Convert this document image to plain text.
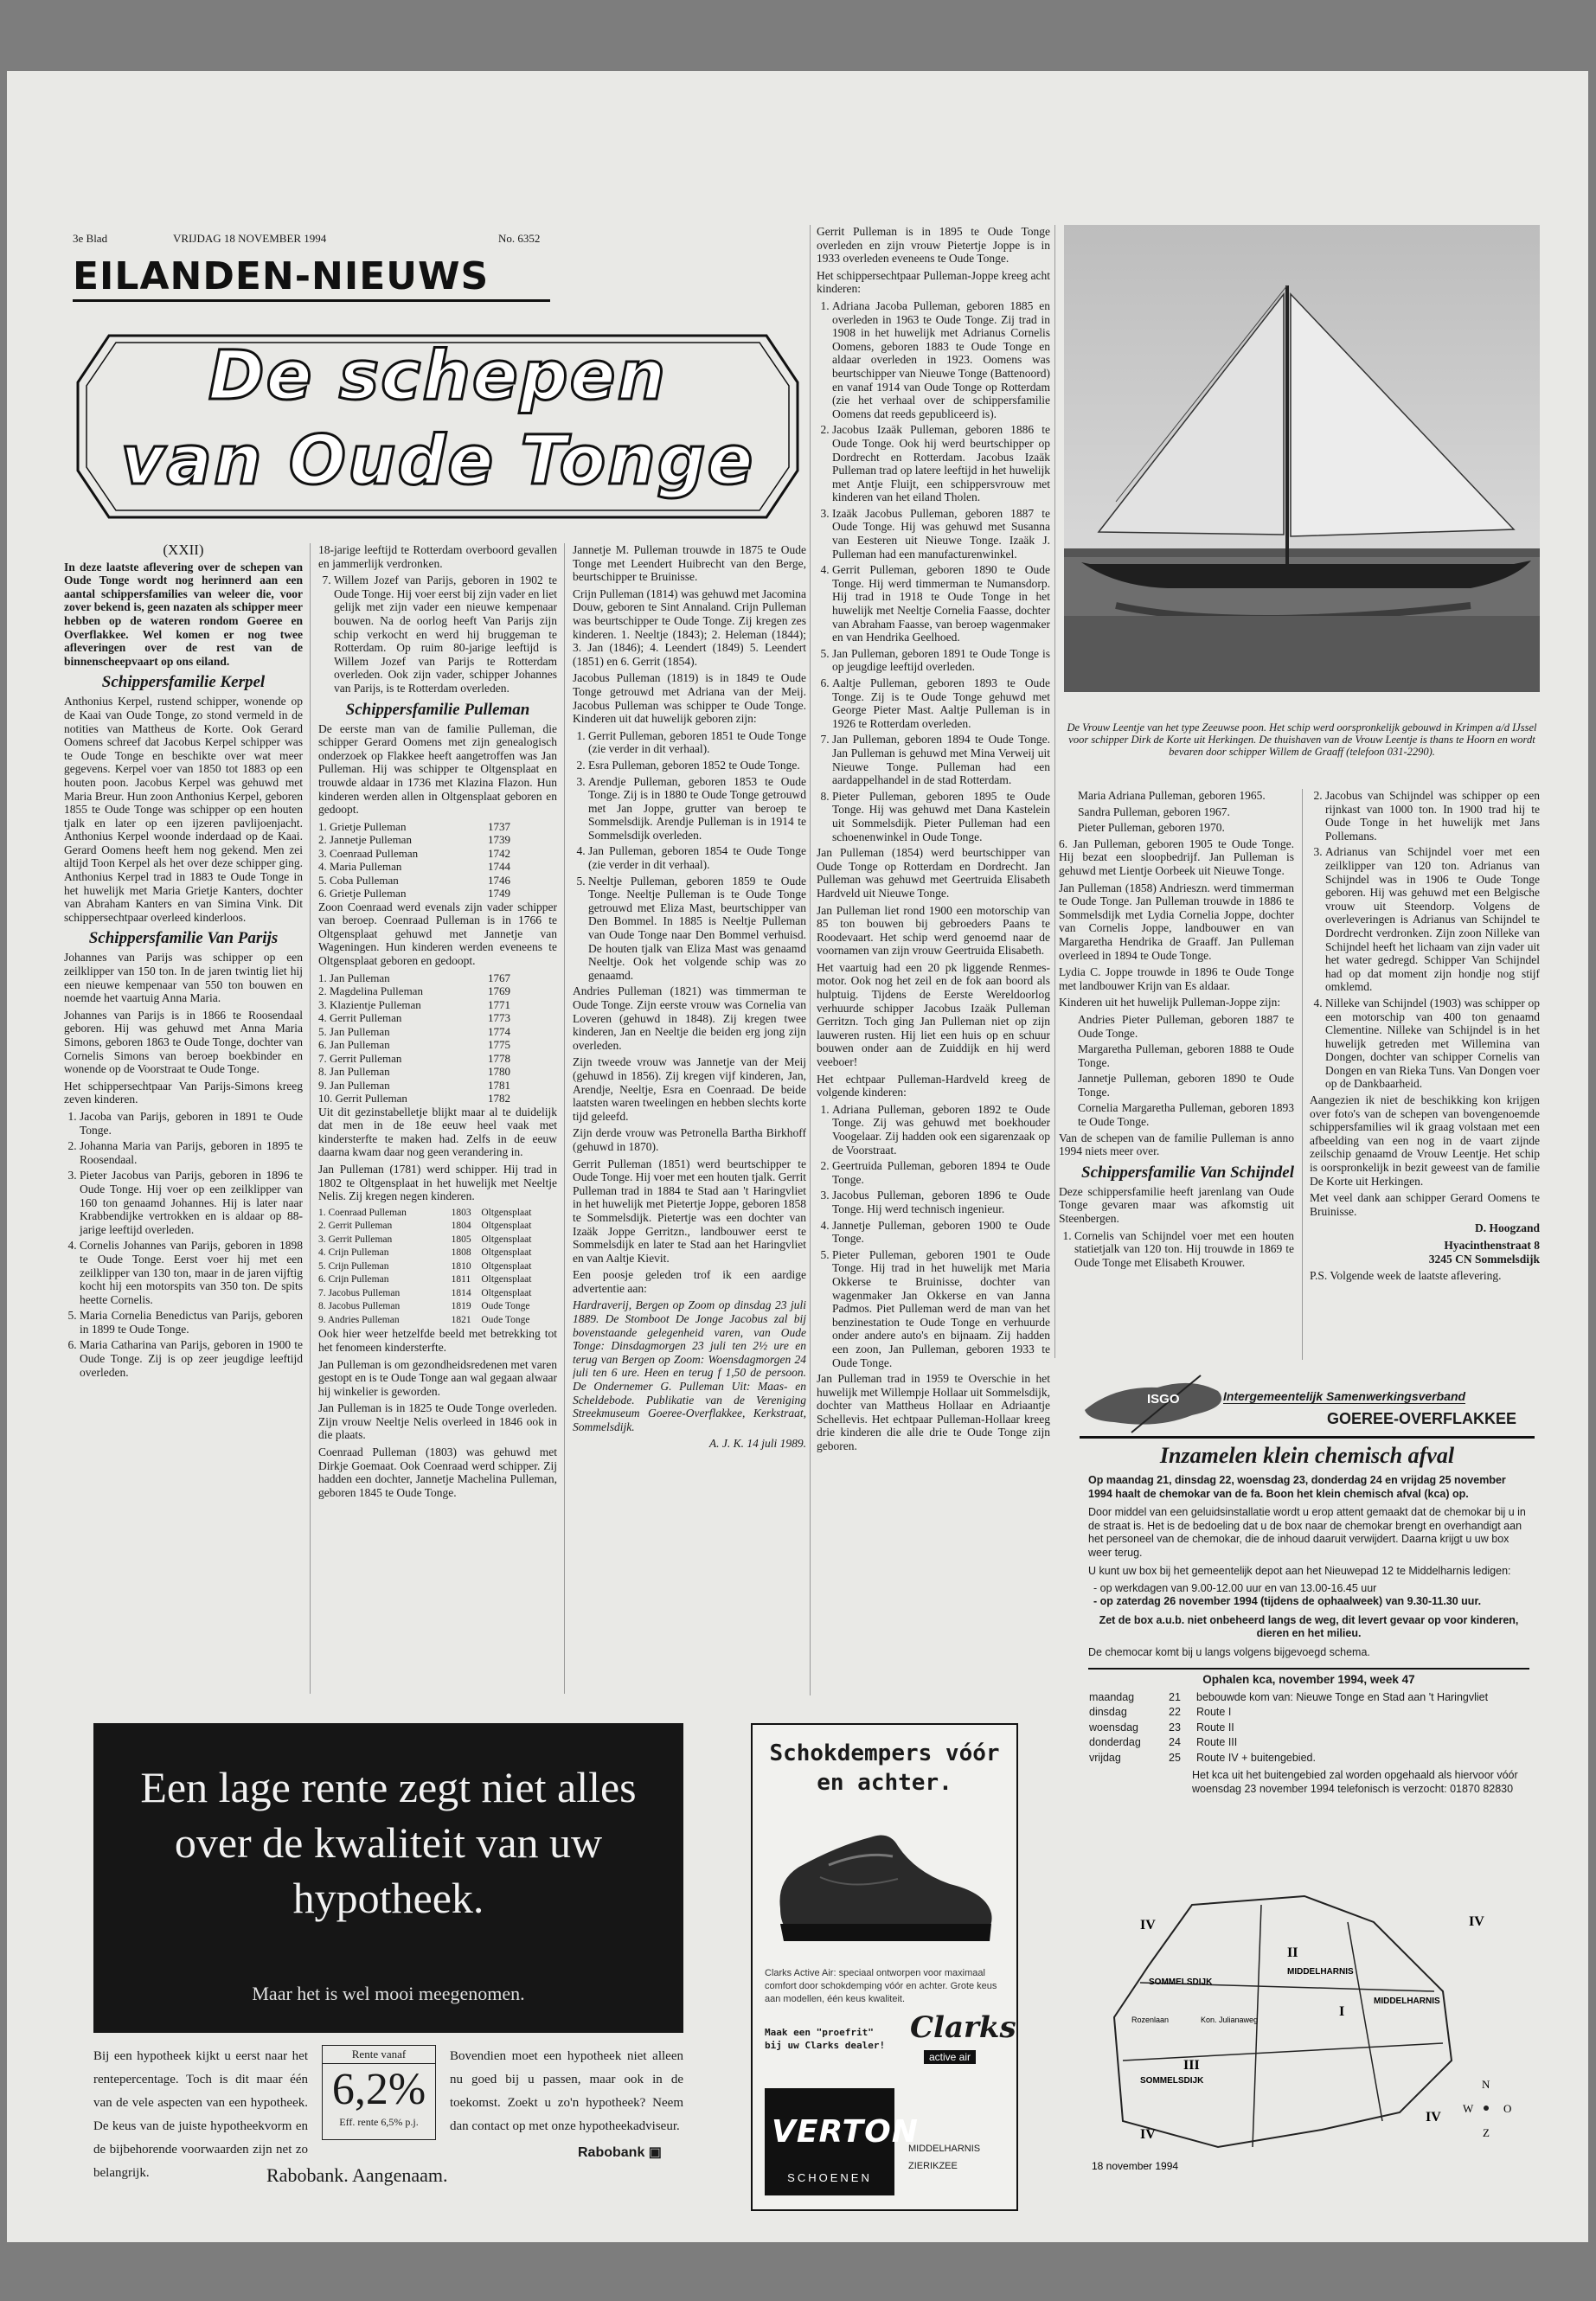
3e Blad	VRIJDAG 18 NOVEMBER 1994	No. 6352
EILANDEN-NIEUWS
De schepen
van Oude Tonge

(XXII)

In deze laatste aflevering over de schepen van Oude Tonge wordt nog herinnerd aan een aantal schippersfamilies van weleer die, voor zover bekend is, geen nazaten als schipper meer hebben op de wateren rondom Goeree en Overflakkee. Wel komen er nog twee afleveringen over de rest van de binnenscheepvaart op ons eiland.

Schippersfamilie Kerpel

Anthonius Kerpel, rustend schipper, wonende op de Kaai van Oude Tonge, zo stond vermeld in de notities van Mattheus de Korte. Ook Gerard Oomens schreef dat Jacobus Kerpel schipper was te Oude Tonge en beschikte over wat meer gegevens. Kerpel voer van 1850 tot 1883 op een houten poon. Jacobus Kerpel was gehuwd met Maria Breur. Hun zoon Anthonius Kerpel, geboren 1855 te Oude Tonge was schipper op een houten tjalk en later op een ijzeren pavlijoenjacht. Anthonius Kerpel woonde inderdaad op de Kaai. Gerard Oomens heeft hem nog gekend. Men zei altijd Toon Kerpel als het over deze schipper ging. Anthonius Kerpel trad in 1883 te Oude Tonge in het huwelijk met Maria Grietje Kanters, dochter van Abraham Kanters en van Simina Vink. Dit schippersechtpaar overleed kinderloos.

Schippersfamilie Van Parijs

Johannes van Parijs was schipper op een zeilklipper van 150 ton. In de jaren twintig liet hij een nieuwe kempenaar van 550 ton bouwen en noemde het vaartuig Anna Maria.

Johannes van Parijs is in 1866 te Roosendaal geboren. Hij was gehuwd met Anna Maria Simons, geboren 1863 te Oude Tonge, dochter van Cornelis Simons van beroep boekbinder en wonende op de Voorstraat te Oude Tonge.

Het schippersechtpaar Van Parijs-Simons kreeg zeven kinderen.

1. Jacoba van Parijs, geboren in 1891 te Oude Tonge.
2. Johanna Maria van Parijs, geboren in 1895 te Roosendaal.
3. Pieter Jacobus van Parijs, geboren in 1896 te Oude Tonge. Hij voer op een zeilklipper van 160 ton genaamd Johannes. Hij is later naar Krabbendijke vertrokken en is aldaar op 88-jarige leeftijd overleden.
4. Cornelis Johannes van Parijs, geboren in 1898 te Oude Tonge. Eerst voer hij met een zeilklipper van 130 ton, maar in de jaren vijftig kocht hij een motorspits van 350 ton. De spits heette Cornelis.
5. Maria Cornelia Benedictus van Parijs, geboren in 1899 te Oude Tonge.
6. Maria Catharina van Parijs, geboren in 1900 te Oude Tonge. Zij is op zeer jeugdige leeftijd overleden.

18-jarige leeftijd te Rotterdam overboord gevallen en jammerlijk verdronken.

7. Willem Jozef van Parijs, geboren in 1902 te Oude Tonge. Hij voer eerst bij zijn vader en liet gelijk met zijn vader een nieuwe kempenaar bouwen. Na de oorlog heeft Van Parijs zijn schip verkocht en werd hij bruggeman te Rotterdam. Op ruim 80-jarige leeftijd is Willem Jozef van Parijs te Rotterdam overleden. Ook zijn vader, schipper Johannes van Parijs, is te Rotterdam overleden.
Schippersfamilie Pulleman

De eerste man van de familie Pulleman, die schipper Gerard Oomens met zijn genealogisch onderzoek op Flakkee heeft aangetroffen was Jan Pulleman. Hij was schipper te Oltgensplaat en trouwde aldaar in 1736 met Klazina Flazon. Hun kinderen werden allen in Oltgensplaat geboren en gedoopt.

1. Grietje Pulleman	1737
2. Jannetje Pulleman	1739
3. Coenraad Pulleman	1742
4. Maria Pulleman	1744
5. Coba Pulleman	1746
6. Grietje Pulleman	1749

Zoon Coenraad werd evenals zijn vader schipper van beroep. Coenraad Pulleman is in 1766 te Oltgensplaat gehuwd met Jannetje van Wageningen. Hun kinderen werden eveneens te Oltgensplaat geboren en gedoopt.

1. Jan Pulleman	1767
2. Magdelina Pulleman	1769
3. Klazientje Pulleman	1771
4. Gerrit Pulleman	1773
5. Jan Pulleman	1774
6. Jan Pulleman	1775
7. Gerrit Pulleman	1778
8. Jan Pulleman	1780
9. Jan Pulleman	1781
10. Gerrit Pulleman	1782

Uit dit gezinstabelletje blijkt maar al te duidelijk dat men in de 18e eeuw heel vaak met kindersterfte te maken had. Zelfs in de eeuw daarna kwam daar nog geen verandering in.

Jan Pulleman (1781) werd schipper. Hij trad in 1802 te Oltgensplaat in het huwelijk met Neeltje Nelis. Zij kregen negen kinderen.

1. Coenraad Pulleman	1803	Oltgensplaat
2. Gerrit Pulleman	1804	Oltgensplaat
3. Gerrit Pulleman	1805	Oltgensplaat
4. Crijn Pulleman	1808	Oltgensplaat
5. Crijn Pulleman	1810	Oltgensplaat
6. Crijn Pulleman	1811	Oltgensplaat
7. Jacobus Pulleman	1814	Oltgensplaat
8. Jacobus Pulleman	1819	Oude Tonge
9. Andries Pulleman	1821	Oude Tonge

Ook hier weer hetzelfde beeld met betrekking tot het fenomeen kindersterfte.

Jan Pulleman is om gezondheidsredenen met varen gestopt en is te Oude Tonge aan wal gegaan alwaar hij winkelier is geworden.

Jan Pulleman is in 1825 te Oude Tonge overleden. Zijn vrouw Neeltje Nelis overleed in 1846 ook in die plaats.

Coenraad Pulleman (1803) was gehuwd met Dirkje Goemaat. Ook Coenraad werd schipper. Zij hadden een dochter, Jannetje Machelina Pulleman, geboren 1845 te Oude Tonge.

Jannetje M. Pulleman trouwde in 1875 te Oude Tonge met Leendert Huibrecht van den Berge, beurtschipper te Bruinisse.

Crijn Pulleman (1814) was gehuwd met Jacomina Douw, geboren te Sint Annaland. Crijn Pulleman was beurtschipper te Oude Tonge. Zij kregen zes kinderen. 1. Neeltje (1843); 2. Heleman (1844); 3. Jan (1846); 4. Leendert (1849) 5. Leendert (1851) en 6. Gerrit (1854).

Jacobus Pulleman (1819) is in 1849 te Oude Tonge getrouwd met Adriana van der Meij. Jacobus Pulleman was schipper te Oude Tonge. Kinderen uit dat huwelijk geboren zijn:

1. Gerrit Pulleman, geboren 1851 te Oude Tonge (zie verder in dit verhaal).
2. Esra Pulleman, geboren 1852 te Oude Tonge.
3. Arendje Pulleman, geboren 1853 te Oude Tonge. Zij is in 1880 te Oude Tonge getrouwd met Jan Joppe, grutter van beroep te Sommelsdijk. Arendje Pulleman is in 1914 te Sommelsdijk overleden.
4. Jan Pulleman, geboren 1854 te Oude Tonge (zie verder in dit verhaal).
5. Neeltje Pulleman, geboren 1859 te Oude Tonge. Neeltje Pulleman is te Oude Tonge getrouwd met Eliza Mast, beurtschipper van Den Bommel. In 1885 is Neeltje Pulleman van Oude Tonge naar Den Bommel verhuisd. De houten tjalk van Eliza Mast was genaamd Neeltje. Ook het volgende schip was zo genaamd.

Andries Pulleman (1821) was timmerman te Oude Tonge. Zijn eerste vrouw was Cornelia van Loveren (gehuwd in 1848). Zij kregen twee kinderen, Jan en Neeltje die beiden erg jong zijn overleden.

Zijn tweede vrouw was Jannetje van der Meij (gehuwd in 1856). Zij kregen vijf kinderen, Jan, Arendje, Neeltje, Esra en Coenraad. De beide laatsten waren tweelingen en hebben slechts korte tijd geleefd.

Zijn derde vrouw was Petronella Bartha Birkhoff (gehuwd in 1870).

Gerrit Pulleman (1851) werd beurtschipper te Oude Tonge. Hij voer met een houten tjalk. Gerrit Pulleman trad in 1884 te Stad aan 't Haringvliet in het huwelijk met Pietertje Joppe, geboren 1858 te Sommelsdijk. Pietertje was een dochter van Izaäk Joppe Gerritzn., landbouwer eerst te Sommelsdijk en later te Stad aan het Haringvliet en van Aaltje Kievit.

Een poosje geleden trof ik een aardige advertentie aan:

Hardraverij, Bergen op Zoom op dinsdag 23 juli 1889. De Stomboot De Jonge Jacobus zal bij bovenstaande gelegenheid varen, van Oude Tonge: Dinsdagmorgen 23 juli ten 2½ ure en terug van Bergen op Zoom: Woensdagmorgen 24 juli ten 6 ure. Heen en terug f 1,50 de persoon. De Ondernemer G. Pulleman Uit: Maas- en Scheldebode. Publikatie van de Vereniging Streekmuseum Goeree-Overflakkee, Kerkstraat, Sommelsdijk.

A. J. K. 14 juli 1989.

Gerrit Pulleman is in 1895 te Oude Tonge overleden en zijn vrouw Pietertje Joppe is in 1933 overleden eveneens te Oude Tonge.

Het schippersechtpaar Pulleman-Joppe kreeg acht kinderen:

1. Adriana Jacoba Pulleman, geboren 1885 en overleden in 1963 te Oude Tonge. Zij trad in 1908 in het huwelijk met Adrianus Cornelis Oomens, geboren 1883 te Oude Tonge en aldaar overleden in 1923. Oomens was beurtschipper van Nieuwe Tonge (Battenoord) en vanaf 1914 van Oude Tonge op Rotterdam (zie het verhaal over de schippersfamilie Oomens dat reeds gepubliceerd is).
2. Jacobus Izaäk Pulleman, geboren 1886 te Oude Tonge. Ook hij werd beurtschipper op Dordrecht en Rotterdam. Jacobus Izaäk Pulleman trad op latere leeftijd in het huwelijk met Antje Fluijt, een schippersvrouw met kinderen van het eiland Tholen.
3. Izaäk Jacobus Pulleman, geboren 1887 te Oude Tonge. Hij was gehuwd met Susanna van Eesteren uit Nieuwe Tonge. Izaäk J. Pulleman had een manufacturenwinkel.
4. Gerrit Pulleman, geboren 1890 te Oude Tonge. Hij werd timmerman te Numansdorp. Hij trad in 1918 te Oude Tonge in het huwelijk met Neeltje Cornelia Faasse, dochter van Abraham Faasse, van beroep wagenmaker en van Hendrika Geelhoed.
5. Jan Pulleman, geboren 1891 te Oude Tonge is op jeugdige leeftijd overleden.
6. Aaltje Pulleman, geboren 1893 te Oude Tonge. Zij is te Oude Tonge gehuwd met George Pieter Mast. Aaltje Pulleman is in 1926 te Rotterdam overleden.
7. Jan Pulleman, geboren 1894 te Oude Tonge. Jan Pulleman is gehuwd met Mina Verweij uit Nieuwe Tonge. Pulleman had een aardappelhandel in de stad Rotterdam.
8. Pieter Pulleman, geboren 1895 te Oude Tonge. Hij was gehuwd met Dana Kastelein uit Sommelsdijk. Pieter Pulleman had een schoenenwinkel in Oude Tonge.

Jan Pulleman (1854) werd beurtschipper van Oude Tonge op Rotterdam en Dordrecht. Jan Pulleman was gehuwd met Geertruida Elisabeth Hardveld uit Nieuwe Tonge.

Jan Pulleman liet rond 1900 een motorschip van 85 ton bouwen bij gebroeders Paans te Roodevaart. Het schip werd genoemd naar de voornamen van zijn vrouw Geertruida Elisabeth.

Het vaartuig had een 20 pk liggende Renmes-motor. Ook nog het zeil en de fok aan boord als hulptuig. Tijdens de Eerste Wereldoorlog verhuurde schipper Jacobus Izaäk Pulleman Gerritzn. Toch ging Jan Pulleman niet op zijn lauweren rusten. Hij liet een huis op en schuur bouwen onder aan de Zuiddijk en hij werd veeboer!

Het echtpaar Pulleman-Hardveld kreeg de volgende kinderen:

1. Adriana Pulleman, geboren 1892 te Oude Tonge. Zij was gehuwd met boekhouder Voogelaar. Zij hadden ook een sigarenzaak op de Voorstraat.
2. Geertruida Pulleman, geboren 1894 te Oude Tonge.
3. Jacobus Pulleman, geboren 1896 te Oude Tonge. Hij werd technisch ingenieur.
4. Jannetje Pulleman, geboren 1900 te Oude Tonge.
5. Pieter Pulleman, geboren 1901 te Oude Tonge. Hij trad in het huwelijk met Maria Okkerse te Bruinisse, dochter van wagenmaker Jan Okkerse en van Janna Padmos. Piet Pulleman werd de man van het benzinestation te Oude Tonge en verhuurde onder andere auto's en bijnaam. Zij hadden een zoon, Jan Pulleman, geboren 1933 te Oude Tonge.

Jan Pulleman trad in 1959 te Overschie in het huwelijk met Willempje Hollaar uit Sommelsdijk, dochter van Mattheus Hollaar en Adriaantje Schellevis. Het echtpaar Pulleman-Hollaar kreeg drie kinderen die alle drie te Oude Tonge zijn geboren.

De Vrouw Leentje van het type Zeeuwse poon. Het schip werd oorspronkelijk gebouwd in Krimpen a/d IJssel voor schipper Dirk de Korte uit Herkingen. De thuishaven van de Vrouw Leentje is thans te Hoorn en wordt bevaren door schipper Willem de Graaff (telefoon 031-2290).
Maria Adriana Pulleman, geboren 1965.
Sandra Pulleman, geboren 1967.
Pieter Pulleman, geboren 1970.

6. Jan Pulleman, geboren 1905 te Oude Tonge. Hij bezat een sloopbedrijf. Jan Pulleman is gehuwd met Lientje Oorbeek uit Nieuwe Tonge.

Jan Pulleman (1858) Andrieszn. werd timmerman te Oude Tonge. Jan Pulleman trouwde in 1886 te Sommelsdijk met Lydia Cornelia Joppe, dochter van Cornelis Joppe, landbouwer en van Margaretha Hendrika de Graaff. Jan Pulleman overleed in 1894 te Oude Tonge.

Lydia C. Joppe trouwde in 1896 te Oude Tonge met landbouwer Krijn van Es aldaar.

Kinderen uit het huwelijk Pulleman-Joppe zijn:

Andries Pieter Pulleman, geboren 1887 te Oude Tonge.
Margaretha Pulleman, geboren 1888 te Oude Tonge.
Jannetje Pulleman, geboren 1890 te Oude Tonge.
Cornelia Margaretha Pulleman, geboren 1893 te Oude Tonge.

Van de schepen van de familie Pulleman is anno 1994 niets meer over.

Schippersfamilie Van Schijndel

Deze schippersfamilie heeft jarenlang van Oude Tonge gevaren maar was afkomstig uit Steenbergen.

1. Cornelis van Schijndel voer met een houten statietjalk van 120 ton. Hij trouwde in 1869 te Oude Tonge met Elisabeth Krouwer.
2. Jacobus van Schijndel was schipper op een rijnkast van 1000 ton. In 1900 trad hij te Oude Tonge in het huwelijk met Jans Pollemans.
3. Adrianus van Schijndel voer met een zeilklipper van 120 ton. Adrianus van Schijndel was in 1906 te Oude Tonge geboren. Hij was gehuwd met een Belgische vrouw uit Steendorp. Volgens de overleveringen is Adrianus van Schijndel te Dordrecht verdronken. Zijn zoon Nilleke van Schijndel heeft het lichaam van zijn vader uit het water gedregd. Schipper Van Schijndel had op dat moment zijn hondje nog stijf omklemd.
4. Nilleke van Schijndel (1903) was schipper op een motorschip van 400 ton genaamd Clementine. Nilleke van Schijndel is in het huwelijk getreden met Willemina van Dongen, dochter van schipper Cornelis van Dongen en van Rieka Tuns. Van Dongen voer op de Dankbaarheid.

Aangezien ik niet de beschikking kon krijgen over foto's van de schepen van bovengenoemde schippersfamilies wil ik graag volstaan met een afbeelding van een nog in de vaart zijnde zeilschip genaamd de Vrouw Leentje. Het schip is oorspronkelijk in bezit geweest van de familie De Korte uit Herkingen.

Met veel dank aan schipper Gerard Oomens te Bruinisse.

D. Hoogzand

Hyacinthenstraat 8

3245 CN Sommelsdijk

P.S. Volgende week de laatste aflevering.

Een lage rente zegt niet alles over de kwaliteit van uw hypotheek.
Maar het is wel mooi meegenomen.
Bij een hypotheek kijkt u eerst naar het rentepercentage. Toch is dit maar één van de vele aspecten van een hypotheek. De keus van de juiste hypotheekvorm en de bijbehorende voorwaarden zijn net zo belangrijk.
Rente vanaf
6,2%
Eff. rente 6,5% p.j.
Bovendien moet een hypotheek niet alleen nu goed bij u passen, maar ook in de toekomst. Zoekt u zo'n hypotheek? Neem dan contact op met onze hypotheekadviseur.
Rabobank ▣
Rabobank. Aangenaam.
Schokdempers vóór en achter.
Clarks Active Air: speciaal ontworpen voor maximaal comfort door schokdemping vóór en achter. Grote keus aan modellen, één keus kwaliteit.
Maak een "proefrit" bij uw Clarks dealer!
Clarks
active air
VERTON
SCHOENEN
MIDDELHARNIS
ZIERIKZEE
ISGO	Intergemeentelijk Samenwerkingsverband
GOEREE-OVERFLAKKEE
Inzamelen klein chemisch afval

Op maandag 21, dinsdag 22, woensdag 23, donderdag 24 en vrijdag 25 november 1994 haalt de chemokar van de fa. Boon het klein chemisch afval (kca) op.

Door middel van een geluidsinstallatie wordt u erop attent gemaakt dat de chemokar bij u in de straat is. Het is de bedoeling dat u de box naar de chemokar brengt en overhandigt aan het personeel van de chemokar, die de inhoud daaruit verwijdert. Daarna krijgt u uw box weer terug.

U kunt uw box bij het gemeentelijk depot aan het Nieuwepad 12 te Middelharnis ledigen:

- op werkdagen van 9.00-12.00 uur en van 13.00-16.45 uur
- op zaterdag 26 november 1994 (tijdens de ophaalweek) van 9.30-11.30 uur.

Zet de box a.u.b. niet onbeheerd langs de weg, dit levert gevaar op voor kinderen, dieren en het milieu.

De chemocar komt bij u langs volgens bijgevoegd schema.

Ophalen kca, november 1994, week 47
maandag	21	bebouwde kom van: Nieuwe Tonge en Stad aan 't Haringvliet
dinsdag	22	Route I
woensdag	23	Route II
donderdag	24	Route III
vrijdag	25	Route IV + buitengebied.

Het kca uit het buitengebied zal worden opgehaald als hiervoor vóór woensdag 23 november 1994 telefonisch is verzocht: 01870 82830

IV
II
IV
I
III
IV
IV
SOMMELSDIJK
MIDDELHARNIS
MIDDELHARNIS
SOMMELSDIJK
Rozenlaan	Kon. Julianaweg
N
W	O
Z
18 november 1994
